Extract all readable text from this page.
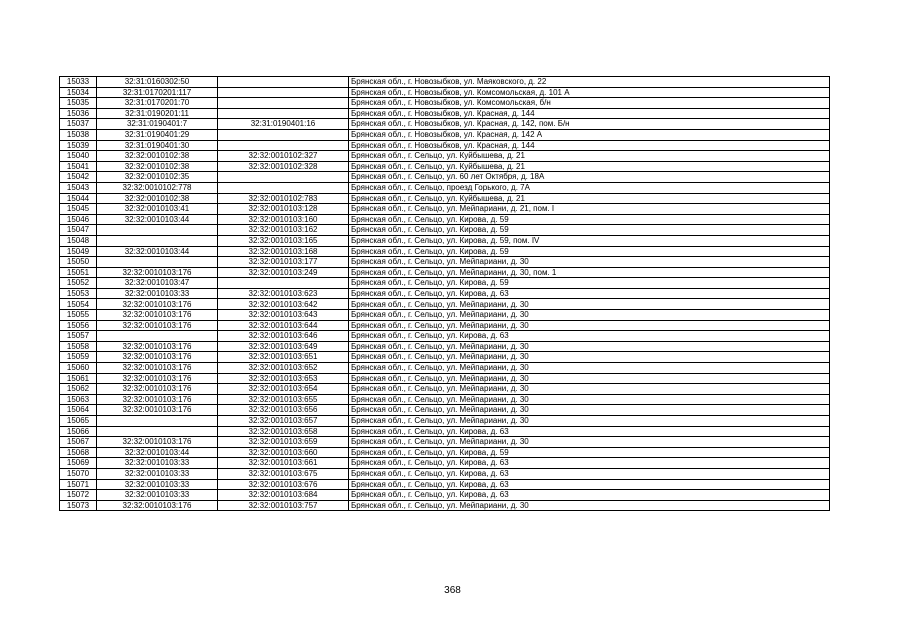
15033	32:31:0160302:50		Брянская обл., г. Новозыбков, ул. Маяковского, д. 22
15034	32:31:0170201:117		Брянская обл., г. Новозыбков, ул. Комсомольская, д. 101 А
15035	32:31:0170201:70		Брянская обл., г. Новозыбков, ул. Комсомольская, б/н
15036	32:31:0190201:11		Брянская обл., г. Новозыбков, ул. Красная, д. 144
15037	32:31:0190401:7	32:31:0190401:16	Брянская обл., г. Новозыбков, ул. Красная, д. 142, пом. Б/н
15038	32:31:0190401:29		Брянская обл., г. Новозыбков, ул. Красная, д. 142 А
15039	32:31:0190401:30		Брянская обл., г. Новозыбков, ул. Красная, д. 144
15040	32:32:0010102:38	32:32:0010102:327	Брянская обл., г. Сельцо, ул. Куйбышева, д. 21
15041	32:32:0010102:38	32:32:0010102:328	Брянская обл., г. Сельцо, ул. Куйбышева, д. 21
15042	32:32:0010102:35		Брянская обл., г. Сельцо, ул. 60 лет Октября, д. 18А
15043	32:32:0010102:778		Брянская обл., г. Сельцо, проезд Горького, д. 7А
15044	32:32:0010102:38	32:32:0010102:783	Брянская обл., г. Сельцо, ул. Куйбышева, д. 21
15045	32:32:0010103:41	32:32:0010103:128	Брянская обл., г. Сельцо, ул. Мейпариани, д. 21, пом. I
15046	32:32:0010103:44	32:32:0010103:160	Брянская обл., г. Сельцо, ул. Кирова, д. 59
15047		32:32:0010103:162	Брянская обл., г. Сельцо, ул. Кирова, д. 59
15048		32:32:0010103:165	Брянская обл., г. Сельцо, ул. Кирова, д. 59, пом. IV
15049	32:32:0010103:44	32:32:0010103:168	Брянская обл., г. Сельцо, ул. Кирова, д. 59
15050		32:32:0010103:177	Брянская обл., г. Сельцо, ул. Мейпариани, д. 30
15051	32:32:0010103:176	32:32:0010103:249	Брянская обл., г. Сельцо, ул. Мейпариани, д. 30, пом. 1
15052	32:32:0010103:47		Брянская обл., г. Сельцо, ул. Кирова, д. 59
15053	32:32:0010103:33	32:32:0010103:623	Брянская обл., г. Сельцо, ул. Кирова, д. 63
15054	32:32:0010103:176	32:32:0010103:642	Брянская обл., г. Сельцо, ул. Мейпариани, д. 30
15055	32:32:0010103:176	32:32:0010103:643	Брянская обл., г. Сельцо, ул. Мейпариани, д. 30
15056	32:32:0010103:176	32:32:0010103:644	Брянская обл., г. Сельцо, ул. Мейпариани, д. 30
15057		32:32:0010103:646	Брянская обл., г. Сельцо, ул. Кирова, д. 63
15058	32:32:0010103:176	32:32:0010103:649	Брянская обл., г. Сельцо, ул. Мейпариани, д. 30
15059	32:32:0010103:176	32:32:0010103:651	Брянская обл., г. Сельцо, ул. Мейпариани, д. 30
15060	32:32:0010103:176	32:32:0010103:652	Брянская обл., г. Сельцо, ул. Мейпариани, д. 30
15061	32:32:0010103:176	32:32:0010103:653	Брянская обл., г. Сельцо, ул. Мейпариани, д. 30
15062	32:32:0010103:176	32:32:0010103:654	Брянская обл., г. Сельцо, ул. Мейпариани, д. 30
15063	32:32:0010103:176	32:32:0010103:655	Брянская обл., г. Сельцо, ул. Мейпариани, д. 30
15064	32:32:0010103:176	32:32:0010103:656	Брянская обл., г. Сельцо, ул. Мейпариани, д. 30
15065		32:32:0010103:657	Брянская обл., г. Сельцо, ул. Мейпариани, д. 30
15066		32:32:0010103:658	Брянская обл., г. Сельцо, ул. Кирова, д. 63
15067	32:32:0010103:176	32:32:0010103:659	Брянская обл., г. Сельцо, ул. Мейпариани, д. 30
15068	32:32:0010103:44	32:32:0010103:660	Брянская обл., г. Сельцо, ул. Кирова, д. 59
15069	32:32:0010103:33	32:32:0010103:661	Брянская обл., г. Сельцо, ул. Кирова, д. 63
15070	32:32:0010103:33	32:32:0010103:675	Брянская обл., г. Сельцо, ул. Кирова, д. 63
15071	32:32:0010103:33	32:32:0010103:676	Брянская обл., г. Сельцо, ул. Кирова, д. 63
15072	32:32:0010103:33	32:32:0010103:684	Брянская обл., г. Сельцо, ул. Кирова, д. 63
15073	32:32:0010103:176	32:32:0010103:757	Брянская обл., г. Сельцо, ул. Мейпариани, д. 30
368
